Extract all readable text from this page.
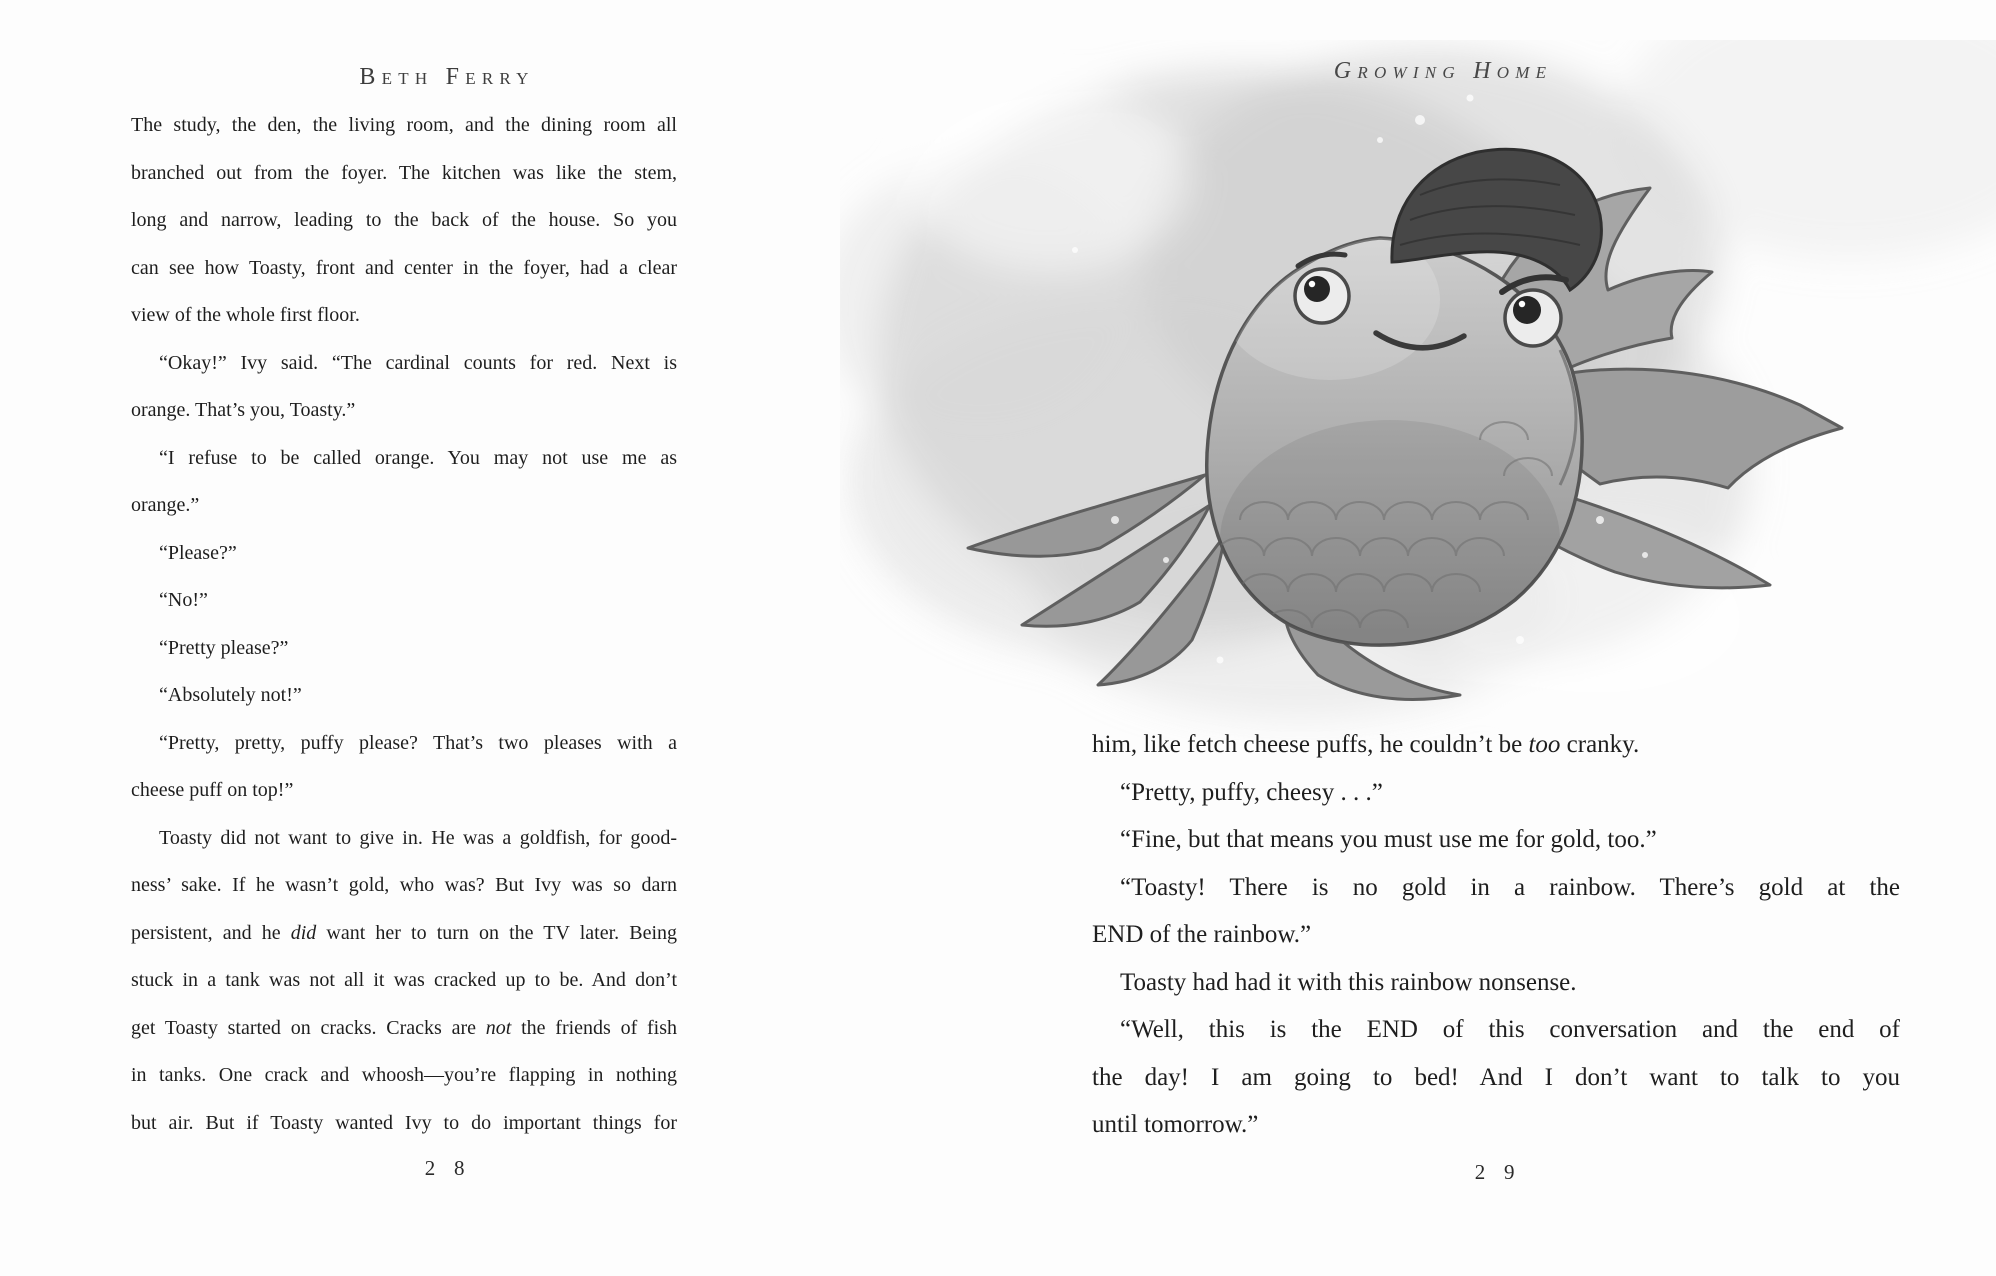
Beth Ferry
The study, the den, the living room, and the dining room all
branched out from the foyer. The kitchen was like the stem,
long and narrow, leading to the back of the house. So you
can see how Toasty, front and center in the foyer, had a clear
view of the whole first floor.
“Okay!” Ivy said. “The cardinal counts for red. Next is
orange. That’s you, Toasty.”
“I refuse to be called orange. You may not use me as
orange.”
“Please?”
“No!”
“Pretty please?”
“Absolutely not!”
“Pretty, pretty, puffy please? That’s two pleases with a
cheese puff on top!”
Toasty did not want to give in. He was a goldfish, for good-
ness’ sake. If he wasn’t gold, who was? But Ivy was so darn
persistent, and he did want her to turn on the TV later. Being
stuck in a tank was not all it was cracked up to be. And don’t
get Toasty started on cracks. Cracks are not the friends of fish
in tanks. One crack and whoosh—you’re flapping in nothing
but air. But if Toasty wanted Ivy to do important things for
2 8
Growing Home
him, like fetch cheese puffs, he couldn’t be too cranky.
“Pretty, puffy, cheesy . . .”
“Fine, but that means you must use me for gold, too.”
“Toasty! There is no gold in a rainbow. There’s gold at the
END of the rainbow.”
Toasty had had it with this rainbow nonsense.
“Well, this is the END of this conversation and the end of
the day! I am going to bed! And I don’t want to talk to you
until tomorrow.”
2 9
